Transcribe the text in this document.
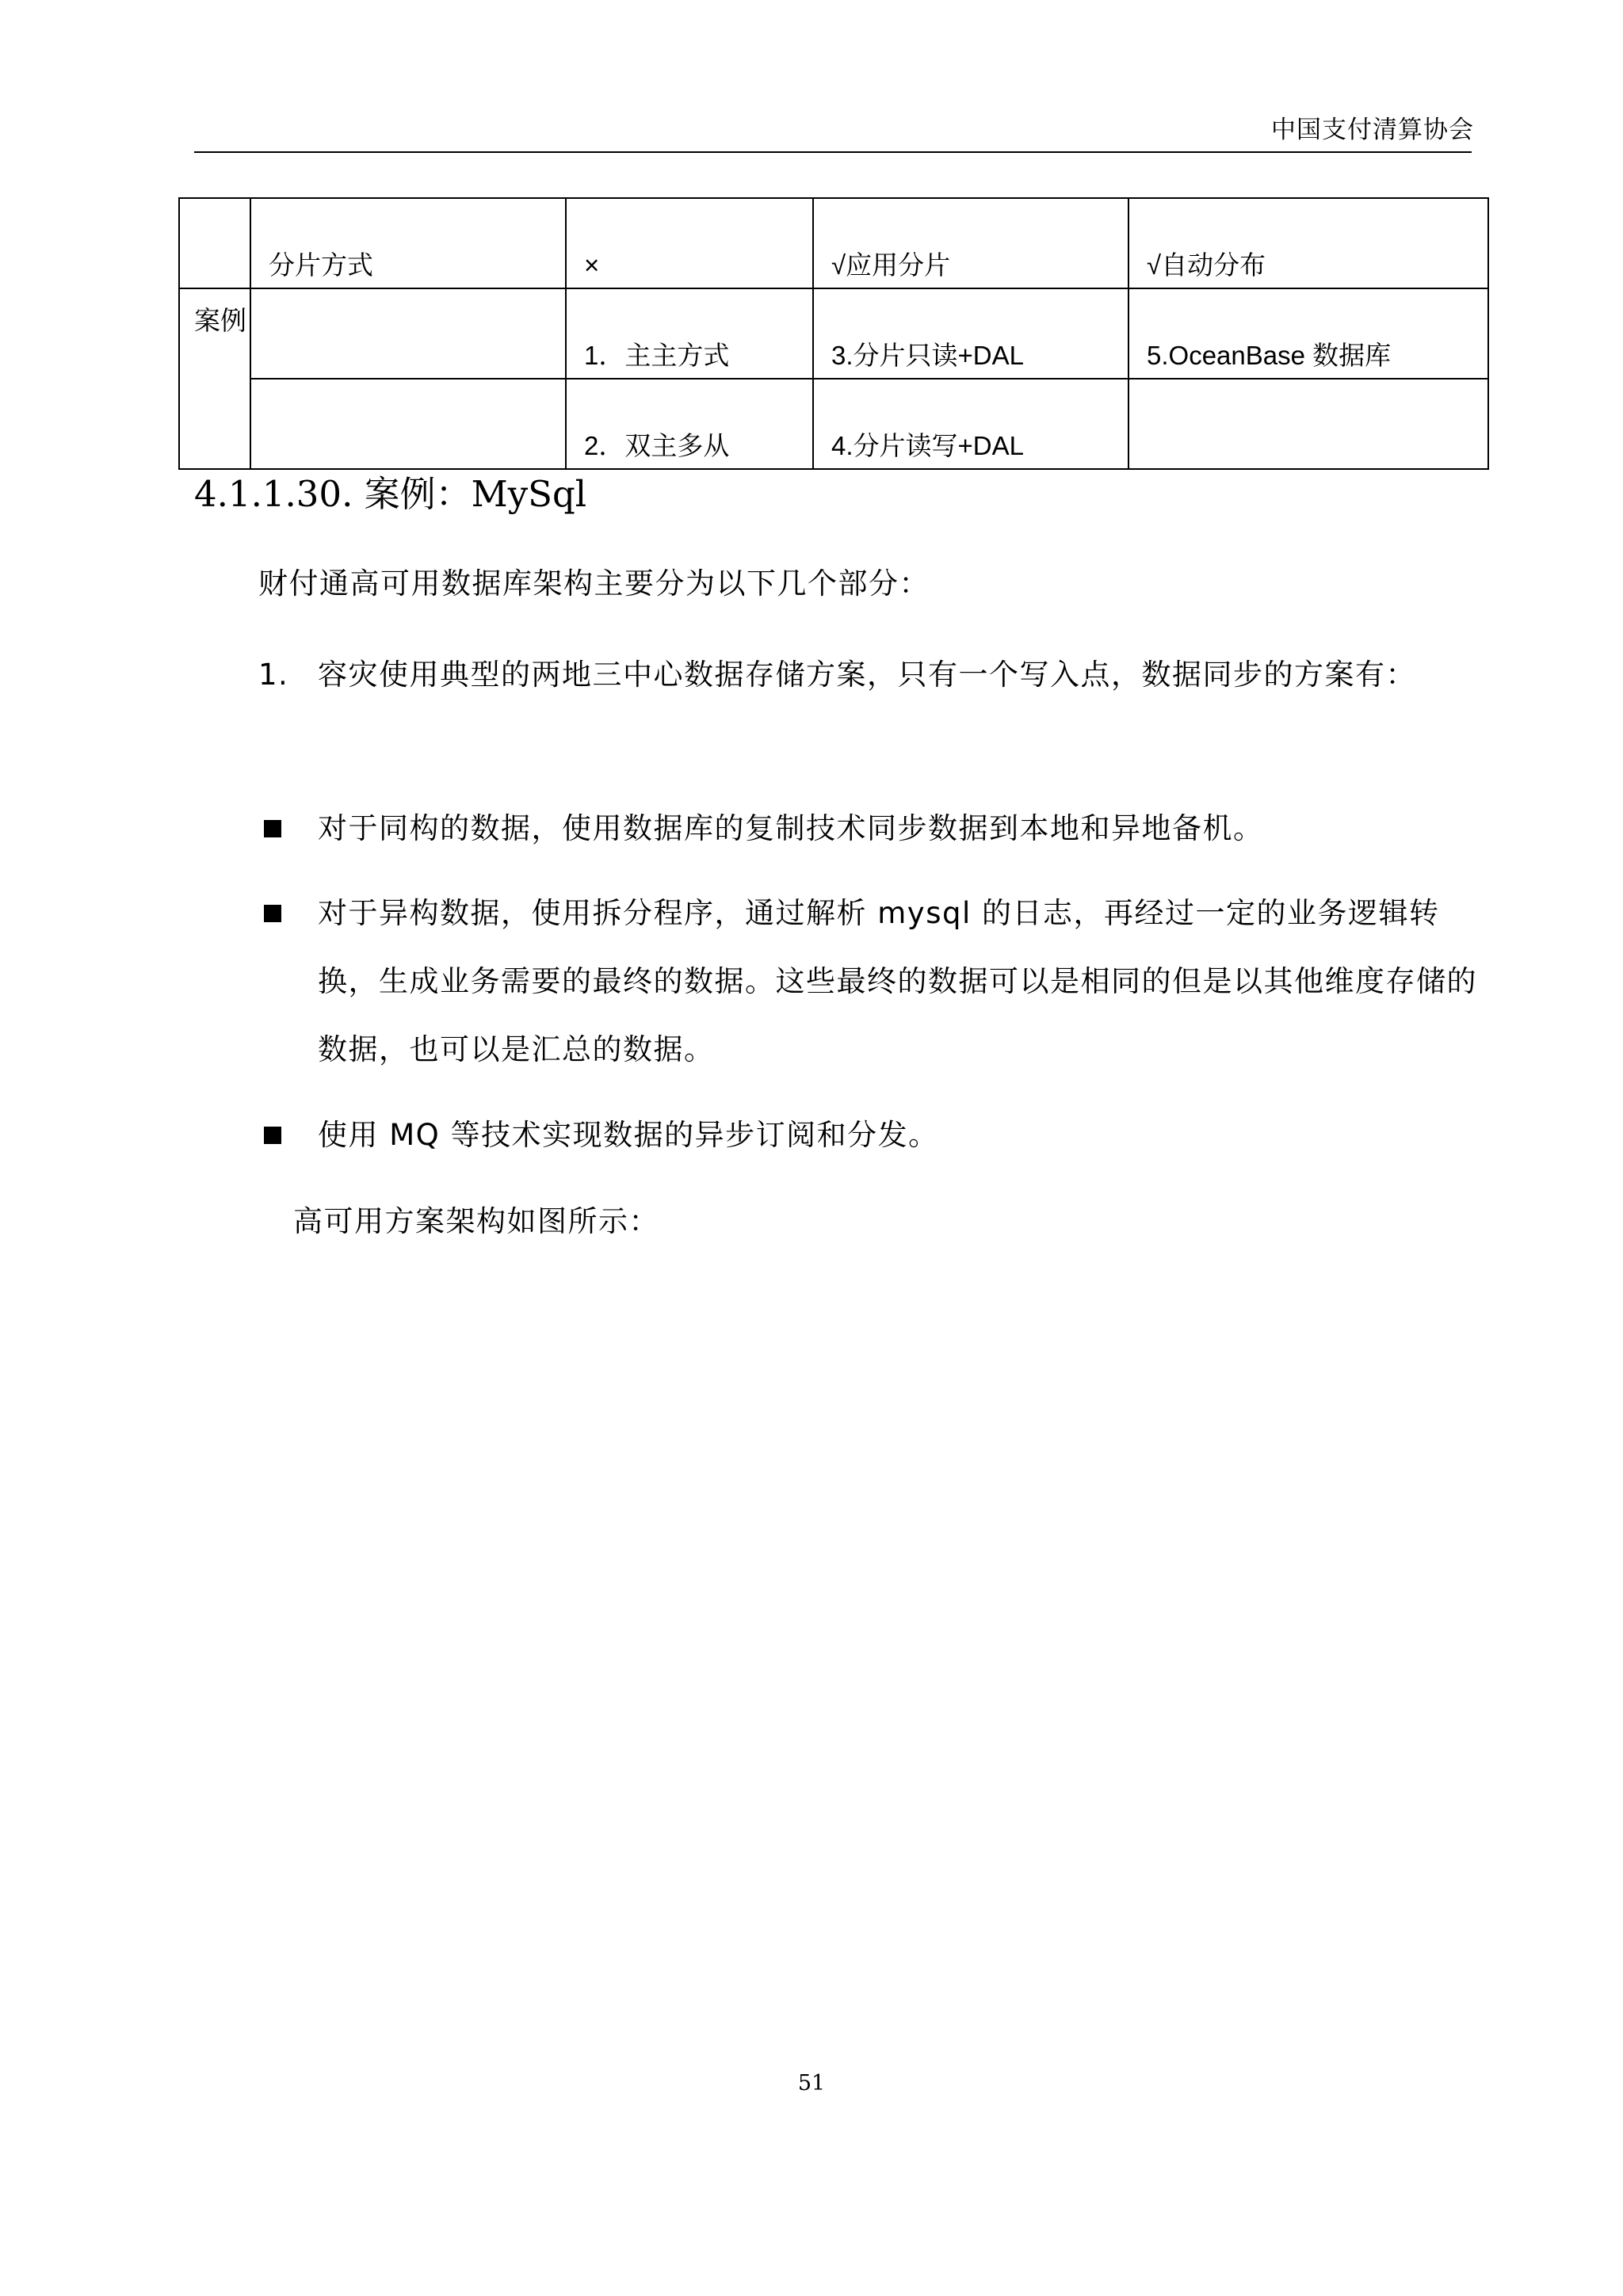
中国支付清算协会
	分片方式	×	√应用分片	√自动分布
案例		1．主主方式	3.分片只读+DAL	5.OceanBase 数据库
		2．双主多从	4.分片读写+DAL	
4.1.1.30. 案例：MySql
财付通高可用数据库架构主要分为以下几个部分：
1. 容灾使用典型的两地三中心数据存储方案，只有一个写入点，数据同步的方案有：
对于同构的数据，使用数据库的复制技术同步数据到本地和异地备机。
对于异构数据，使用拆分程序，通过解析 mysql 的日志，再经过一定的业务逻辑转换，生成业务需要的最终的数据。这些最终的数据可以是相同的但是以其他维度存储的数据，也可以是汇总的数据。
使用 MQ 等技术实现数据的异步订阅和分发。
高可用方案架构如图所示：
51
